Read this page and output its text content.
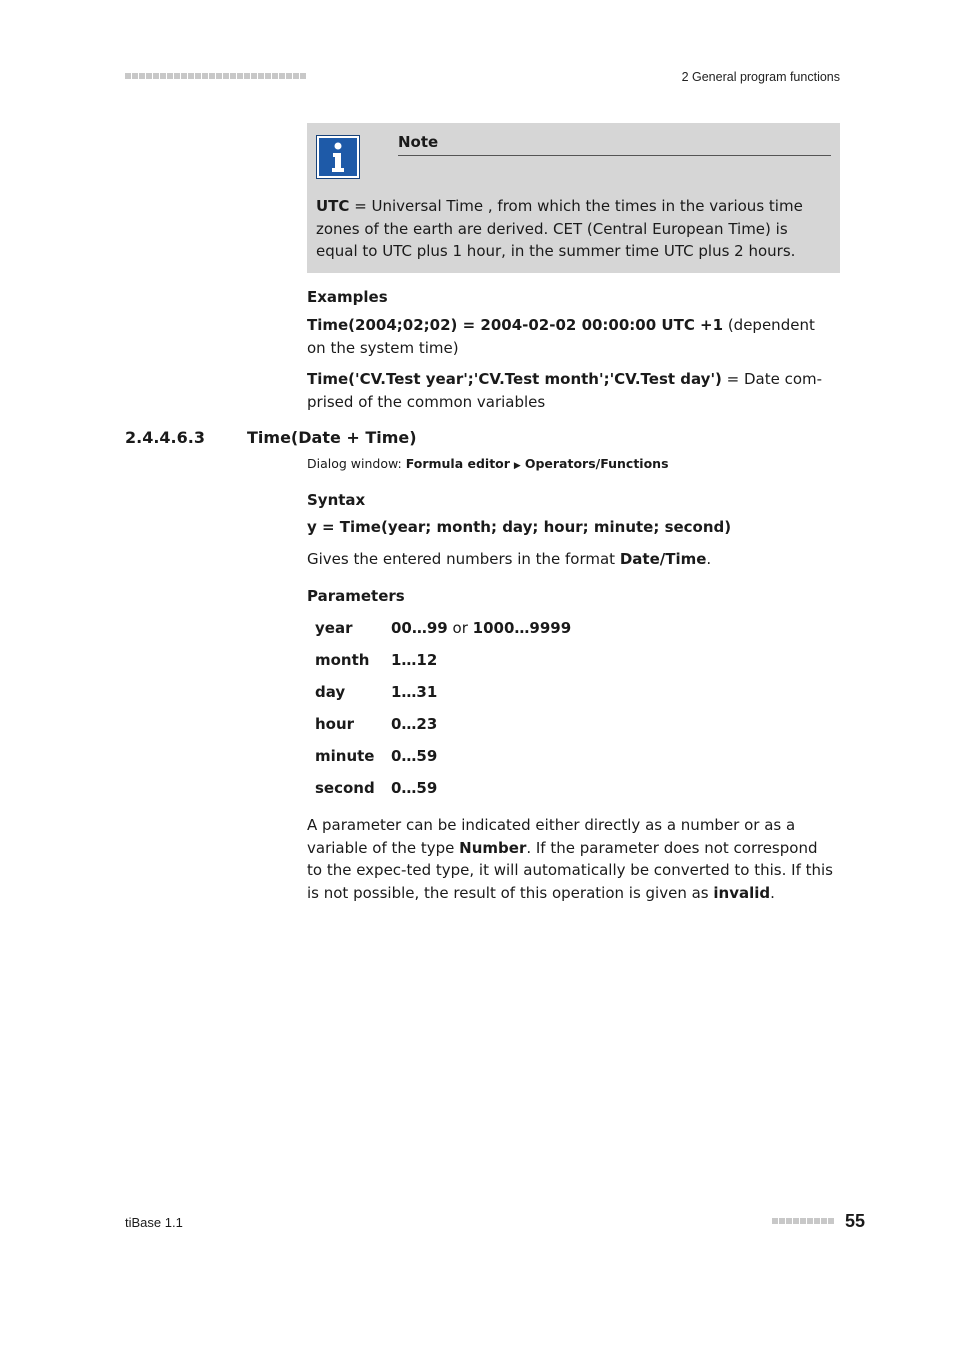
2 General program functions
Note
UTC = Universal Time , from which the times in the various time zones of the earth are derived. CET (Central European Time) is equal to UTC plus 1 hour, in the summer time UTC plus 2 hours.
Examples
Time(2004;02;02) = 2004-02-02 00:00:00 UTC +1 (dependent on the system time)
Time('CV.Test year';'CV.Test month';'CV.Test day') = Date com-prised of the common variables
2.4.4.6.3	Time(Date + Time)
Dialog window: Formula editor ▶ Operators/Functions
Syntax
y = Time(year; month; day; hour; minute; second)
Gives the entered numbers in the format Date/Time.
Parameters
year	00…99 or 1000…9999
month	1…12
day	1…31
hour	0…23
minute	0…59
second	0…59
A parameter can be indicated either directly as a number or as a variable of the type Number. If the parameter does not correspond to the expec-ted type, it will automatically be converted to this. If this is not possible, the result of this operation is given as invalid.
tiBase 1.1	55
